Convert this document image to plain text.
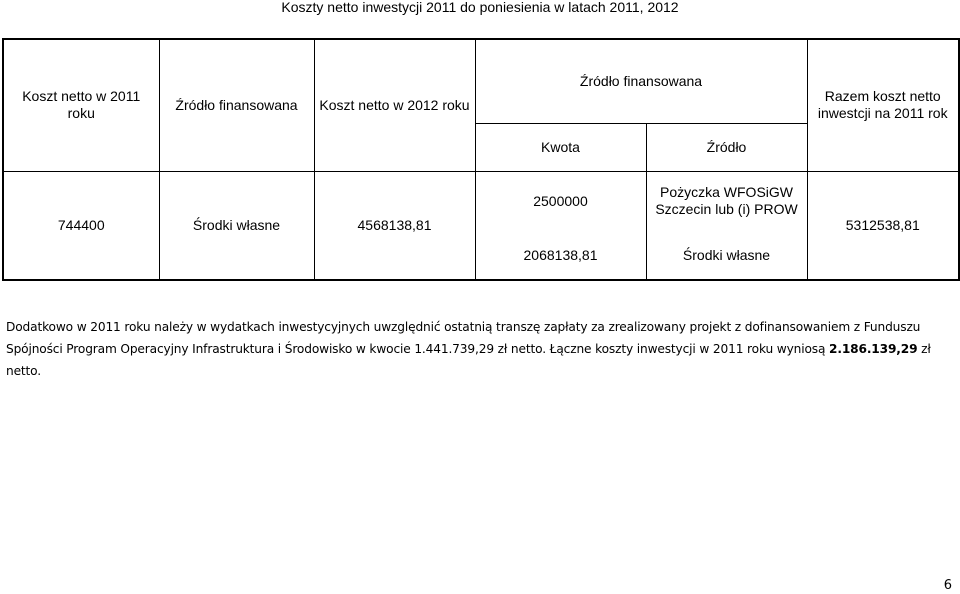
Koszty netto inwestycji 2011 do poniesienia w latach 2011, 2012
Koszt netto w 2011 roku	Źródło finansowana	Koszt netto w 2012 roku	Źródło finansowana		Razem koszt netto inwestcji na 2011 rok
			Kwota	Źródło	
744400	Środki własne	4568138,81	2500000	Pożyczka WFOSiGW Szczecin lub (i) PROW	5312538,81
			2068138,81	Środki własne	
Dodatkowo w 2011 roku należy w wydatkach inwestycyjnych uwzględnić ostatnią transzę zapłaty za zrealizowany projekt z dofinansowaniem z Funduszu Spójności Program Operacyjny Infrastruktura i Środowisko w kwocie 1.441.739,29 zł netto. Łączne koszty inwestycji w 2011 roku wyniosą 2.186.139,29 zł netto.
6
